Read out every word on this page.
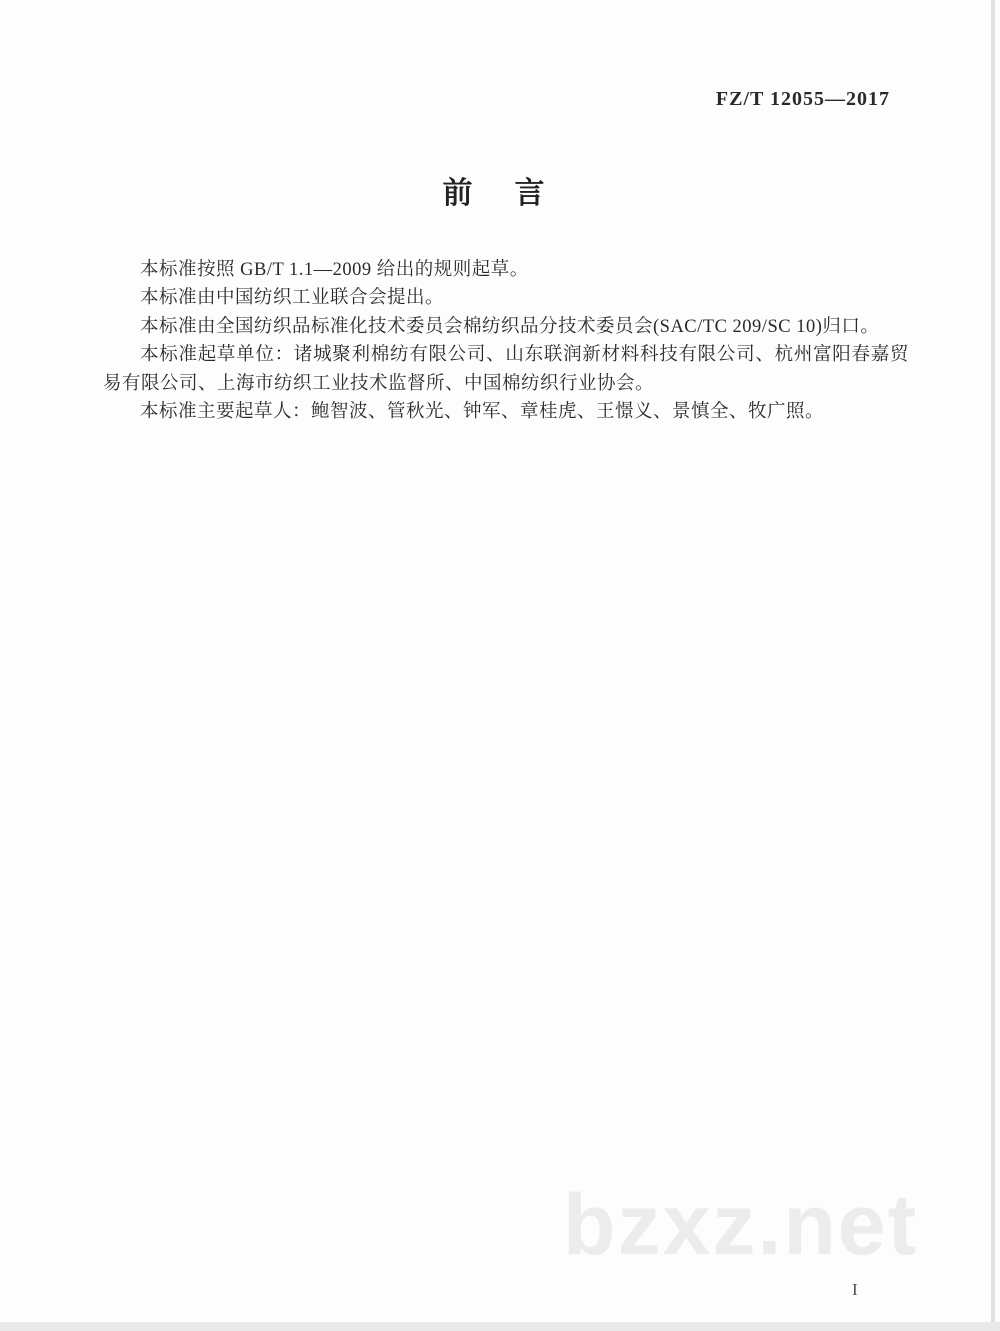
FZ/T 12055—2017
前　言

本标准按照 GB/T 1.1—2009 给出的规则起草。

本标准由中国纺织工业联合会提出。

本标准由全国纺织品标准化技术委员会棉纺织品分技术委员会(SAC/TC 209/SC 10)归口。

本标准起草单位：诸城聚利棉纺有限公司、山东联润新材料科技有限公司、杭州富阳春嘉贸易有限公司、上海市纺织工业技术监督所、中国棉纺织行业协会。

本标准主要起草人：鲍智波、管秋光、钟军、章桂虎、王憬义、景慎全、牧广照。

bzxz.net
I
